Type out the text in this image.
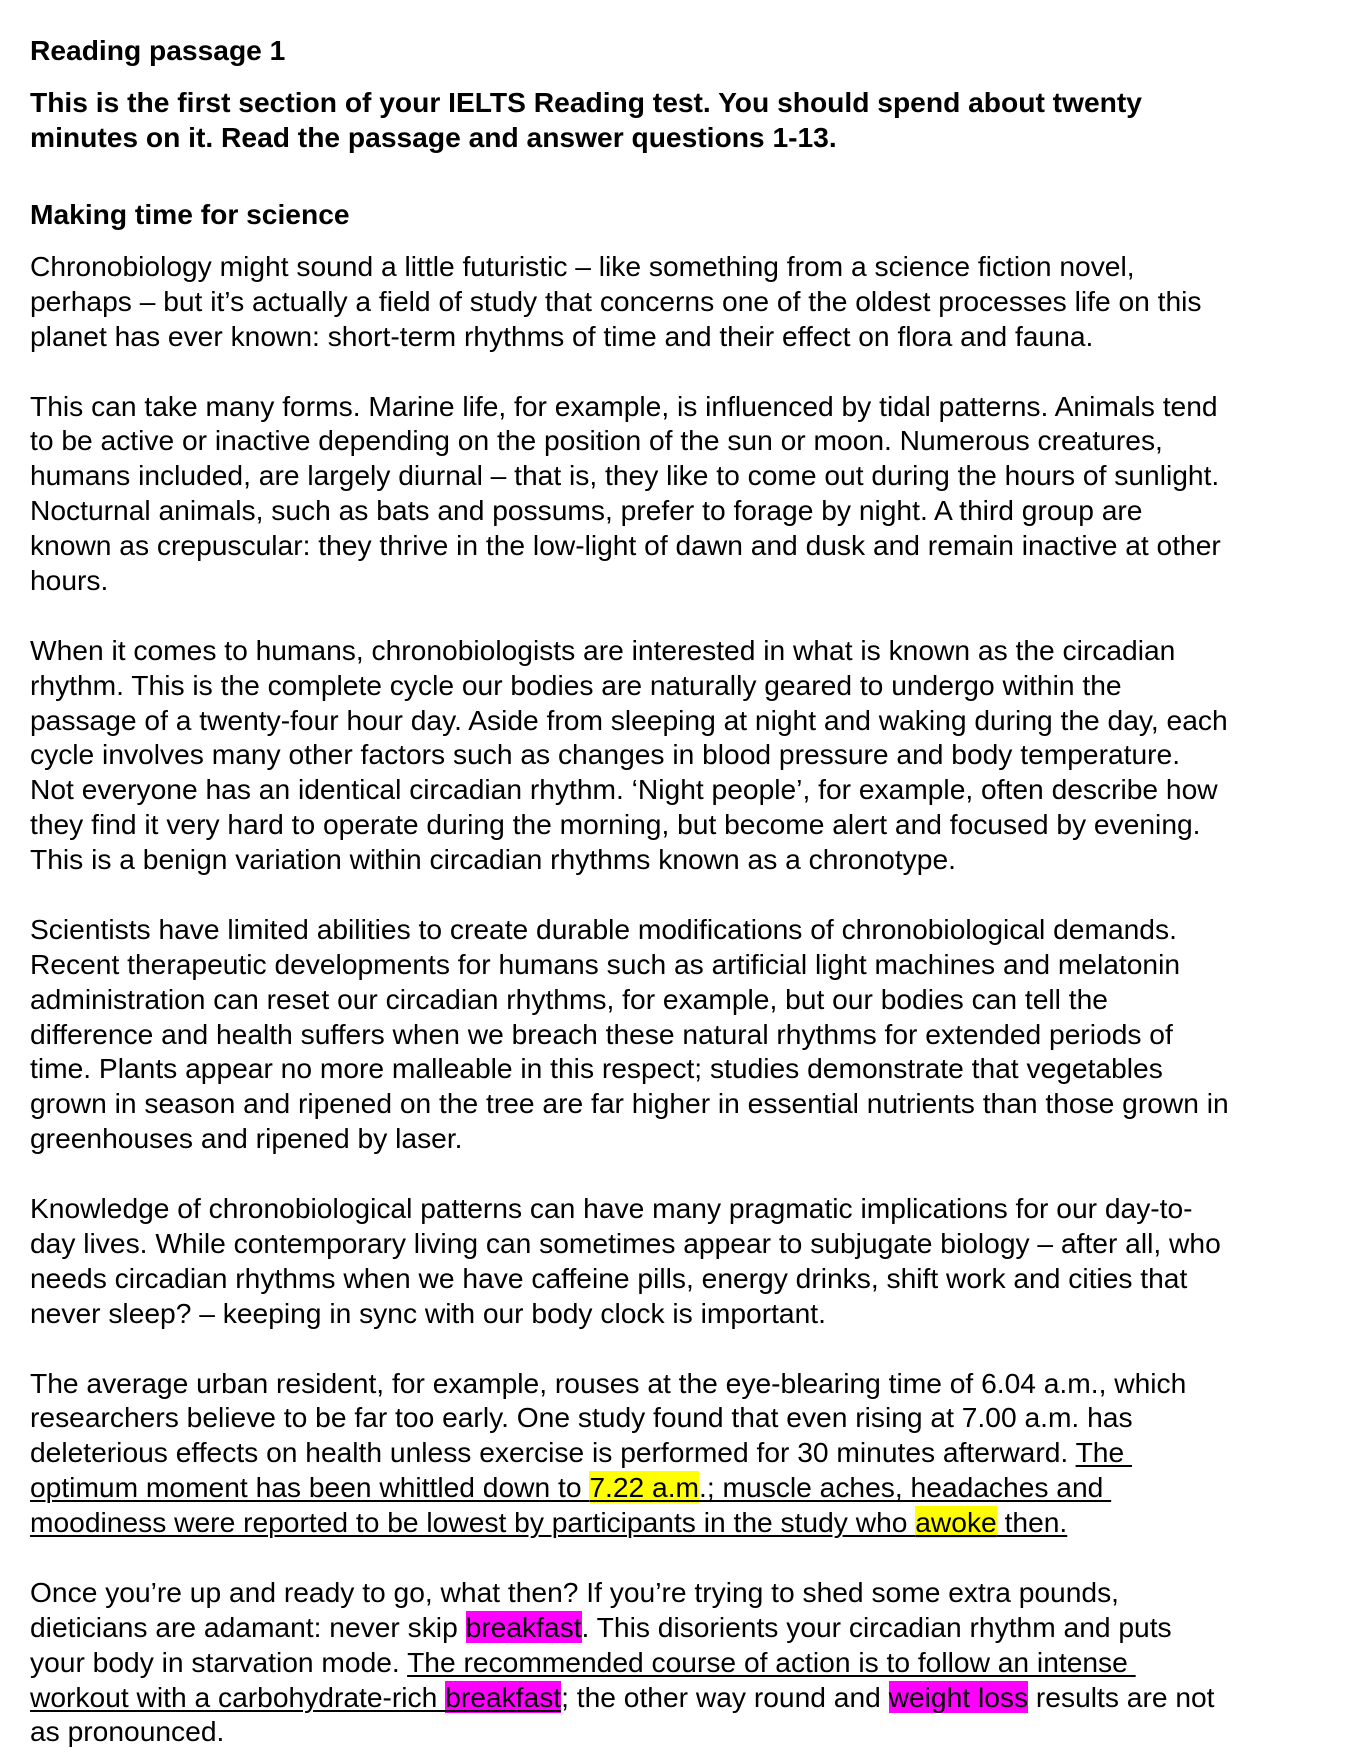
Reading passage 1
This is the first section of your IELTS Reading test. You should spend about twenty
minutes on it. Read the passage and answer questions 1-13.
Making time for science
Chronobiology might sound a little futuristic – like something from a science fiction novel,
perhaps – but it’s actually a field of study that concerns one of the oldest processes life on this
planet has ever known: short-term rhythms of time and their effect on flora and fauna.
This can take many forms. Marine life, for example, is influenced by tidal patterns. Animals tend
to be active or inactive depending on the position of the sun or moon. Numerous creatures,
humans included, are largely diurnal – that is, they like to come out during the hours of sunlight.
Nocturnal animals, such as bats and possums, prefer to forage by night. A third group are
known as crepuscular: they thrive in the low-light of dawn and dusk and remain inactive at other
hours.
When it comes to humans, chronobiologists are interested in what is known as the circadian
rhythm. This is the complete cycle our bodies are naturally geared to undergo within the
passage of a twenty-four hour day. Aside from sleeping at night and waking during the day, each
cycle involves many other factors such as changes in blood pressure and body temperature.
Not everyone has an identical circadian rhythm. ‘Night people’, for example, often describe how
they find it very hard to operate during the morning, but become alert and focused by evening.
This is a benign variation within circadian rhythms known as a chronotype.
Scientists have limited abilities to create durable modifications of chronobiological demands.
Recent therapeutic developments for humans such as artificial light machines and melatonin
administration can reset our circadian rhythms, for example, but our bodies can tell the
difference and health suffers when we breach these natural rhythms for extended periods of
time. Plants appear no more malleable in this respect; studies demonstrate that vegetables
grown in season and ripened on the tree are far higher in essential nutrients than those grown in
greenhouses and ripened by laser.
Knowledge of chronobiological patterns can have many pragmatic implications for our day-to-
day lives. While contemporary living can sometimes appear to subjugate biology – after all, who
needs circadian rhythms when we have caffeine pills, energy drinks, shift work and cities that
never sleep? – keeping in sync with our body clock is important.
The average urban resident, for example, rouses at the eye-blearing time of 6.04 a.m., which
researchers believe to be far too early. One study found that even rising at 7.00 a.m. has
deleterious effects on health unless exercise is performed for 30 minutes afterward. The
optimum moment has been whittled down to 7.22 a.m.; muscle aches, headaches and
moodiness were reported to be lowest by participants in the study who awoke then.
Once you’re up and ready to go, what then? If you’re trying to shed some extra pounds,
dieticians are adamant: never skip breakfast. This disorients your circadian rhythm and puts
your body in starvation mode. The recommended course of action is to follow an intense
workout with a carbohydrate-rich breakfast; the other way round and weight loss results are not
as pronounced.
